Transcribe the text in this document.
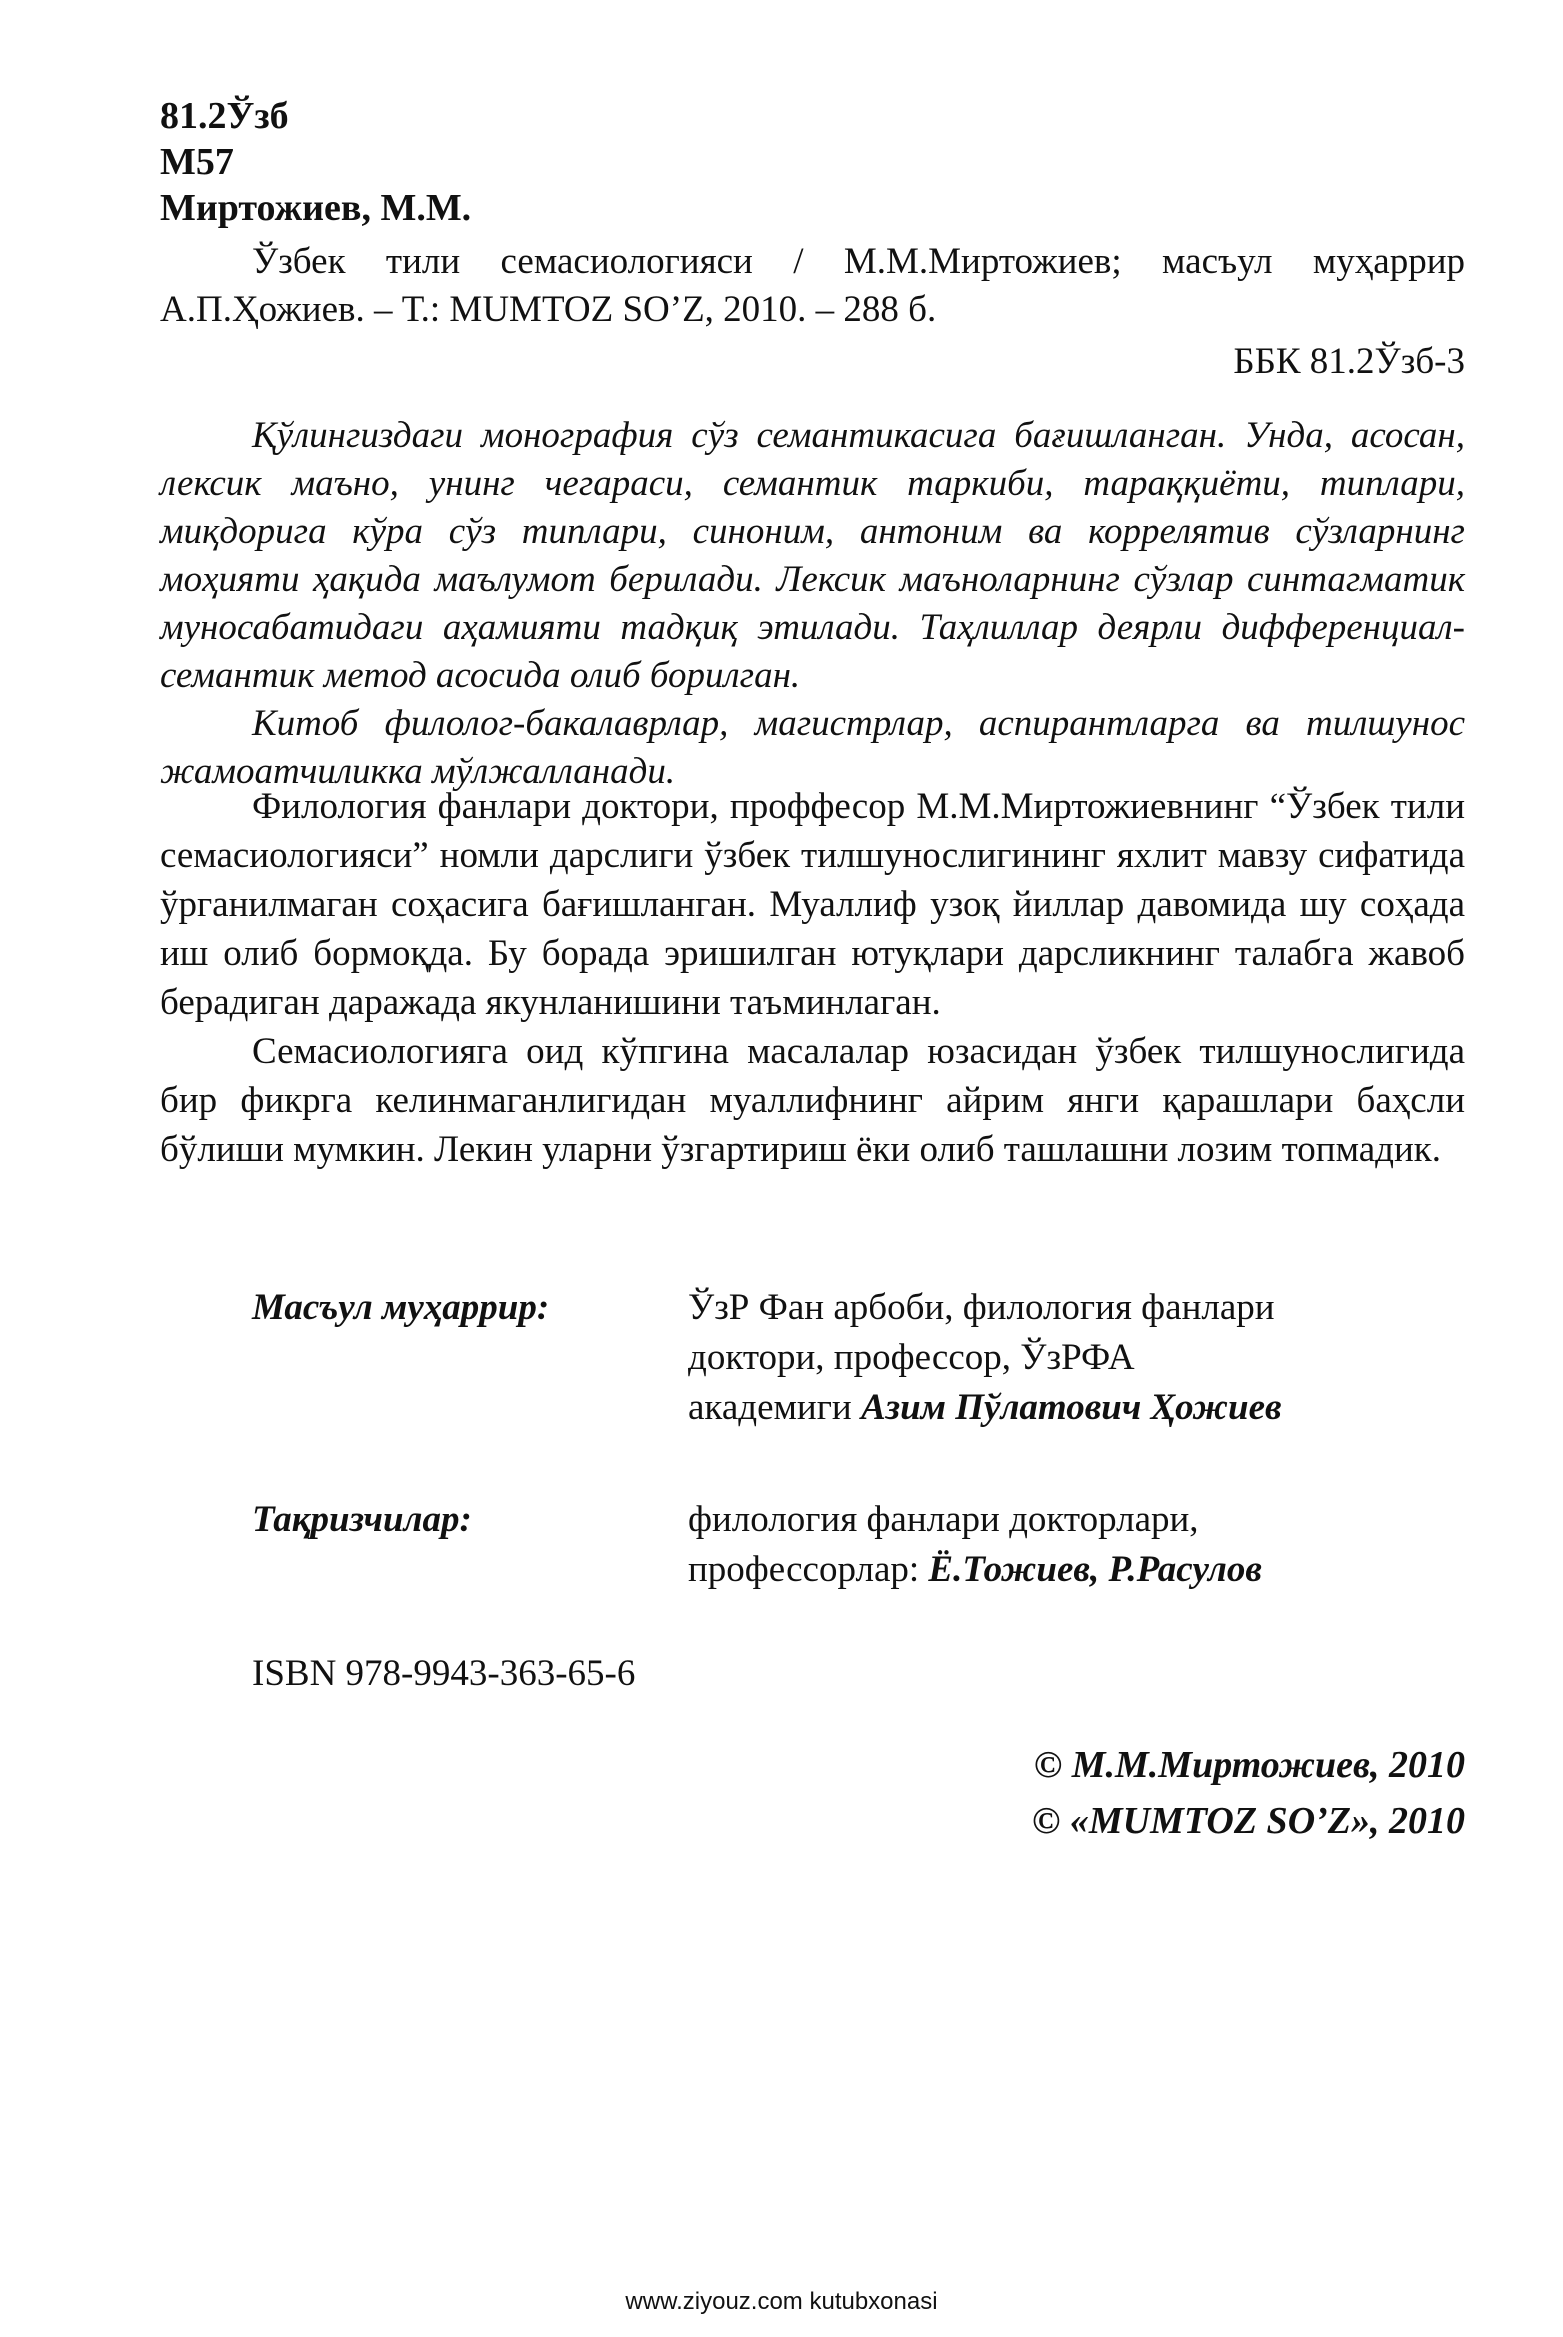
81.2Ўзб
М57
Миртожиев, М.М.
Ўзбек тили семасиологияси / М.М.Миртожиев; масъул муҳаррир А.П.Ҳожиев. – Т.: MUMTOZ SO’Z, 2010. – 288 б.
ББК 81.2Ўзб-3

Қўлингиздаги монография сўз семантикасига бағишланган. Унда, асосан, лексик маъно, унинг чегараси, семантик таркиби, тараққиёти, типлари, миқдорига кўра сўз типлари, синоним, антоним ва коррелятив сўзларнинг моҳияти ҳақида маълумот берилади. Лексик маъноларнинг сўзлар синтагматик муносабатидаги аҳамияти тадқиқ этилади. Таҳлиллар деярли дифференциал-семантик метод асосида олиб борилган.

Китоб филолог-бакалаврлар, магистрлар, аспирантларга ва тилшунос жамоатчиликка мўлжалланади.

Филология фанлари доктори, проффесор М.М.Миртожиевнинг “Ўзбек тили семасиологияси” номли дарслиги ўзбек тилшунослигининг яхлит мавзу сифатида ўрганилмаган соҳасига бағишланган. Муаллиф узоқ йиллар давомида шу соҳада иш олиб бормоқда. Бу борада эришилган ютуқлари дарсликнинг талабга жавоб берадиган даражада якунланишини таъминлаган.

Семасиологияга оид кўпгина масалалар юзасидан ўзбек тилшунослигида бир фикрга келинмаганлигидан муаллифнинг айрим янги қарашлари баҳсли бўлиши мумкин. Лекин уларни ўзгартириш ёки олиб ташлашни лозим топмадик.

Масъул муҳаррир:	ЎзР Фан арбоби, филология фанлари
доктори, профессор, ЎзРФА
академиги Азим Пўлатович Ҳожиев
Тақризчилар:	филология фанлари докторлари,
профессорлар: Ё.Тожиев, Р.Расулов
ISBN 978-9943-363-65-6
© М.М.Миртожиев, 2010
© «MUMTOZ SO’Z», 2010
www.ziyouz.com kutubxonasi
